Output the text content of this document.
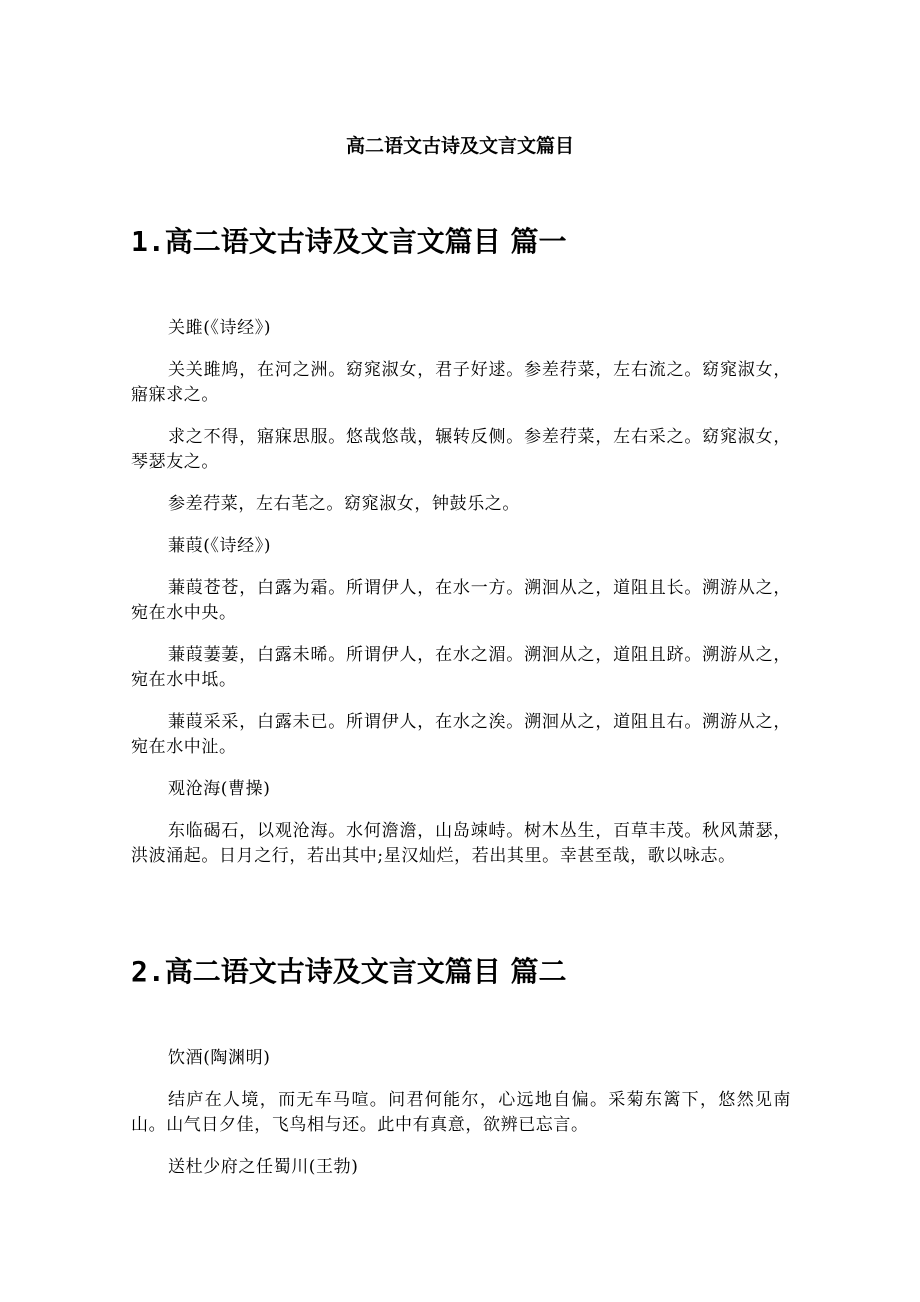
高二语文古诗及文言文篇目
1.高二语文古诗及文言文篇目 篇一

关雎(《诗经》)

关关雎鸠，在河之洲。窈窕淑女，君子好逑。参差荇菜，左右流之。窈窕淑女，寤寐求之。

求之不得，寤寐思服。悠哉悠哉，辗转反侧。参差荇菜，左右采之。窈窕淑女，琴瑟友之。

参差荇菜，左右芼之。窈窕淑女，钟鼓乐之。

蒹葭(《诗经》)

蒹葭苍苍，白露为霜。所谓伊人，在水一方。溯洄从之，道阻且长。溯游从之，宛在水中央。

蒹葭萋萋，白露未晞。所谓伊人，在水之湄。溯洄从之，道阻且跻。溯游从之，宛在水中坻。

蒹葭采采，白露未已。所谓伊人，在水之涘。溯洄从之，道阻且右。溯游从之，宛在水中沚。

观沧海(曹操)

东临碣石，以观沧海。水何澹澹，山岛竦峙。树木丛生，百草丰茂。秋风萧瑟，洪波涌起。日月之行，若出其中;星汉灿烂，若出其里。幸甚至哉，歌以咏志。

2.高二语文古诗及文言文篇目 篇二

饮酒(陶渊明)

结庐在人境，而无车马喧。问君何能尔，心远地自偏。采菊东篱下，悠然见南山。山气日夕佳，飞鸟相与还。此中有真意，欲辨已忘言。

送杜少府之任蜀川(王勃)
